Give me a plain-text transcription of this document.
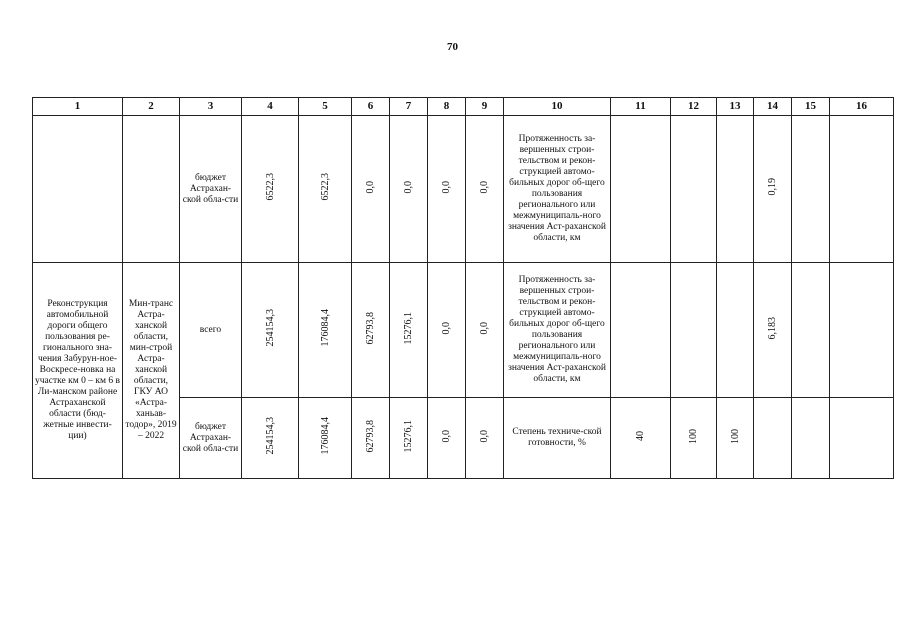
70
1	2	3	4	5	6	7	8	9	10	11	12	13	14	15	16
		бюджет Астрахан-ской обла-сти	6522,3	6522,3	0,0	0,0	0,0	0,0	Протяженность за-вершенных строи-тельством и рекон-струкцией автомо-бильных дорог об-щего пользования регионального или межмуниципаль-ного значения Аст-раханской области, км				0,19		
Реконструкция автомобильной дороги общего пользования ре-гионального зна-чения Забурун-ное-Воскресе-новка на участке км 0 – км 6 в Ли-манском районе Астраханской области (бюд-жетные инвести-ции)	Мин-транс Астра-ханской области, мин-строй Астра-ханской области, ГКУ АО «Астра-ханьав-тодор», 2019 – 2022	всего	254154,3	176084,4	62793,8	15276,1	0,0	0,0	Протяженность за-вершенных строи-тельством и рекон-струкцией автомо-бильных дорог об-щего пользования регионального или межмуниципаль-ного значения Аст-раханской области, км				6,183		
		бюджет Астрахан-ской обла-сти	254154,3	176084,4	62793,8	15276,1	0,0	0,0	Степень техниче-ской готовности, %	40	100	100			
